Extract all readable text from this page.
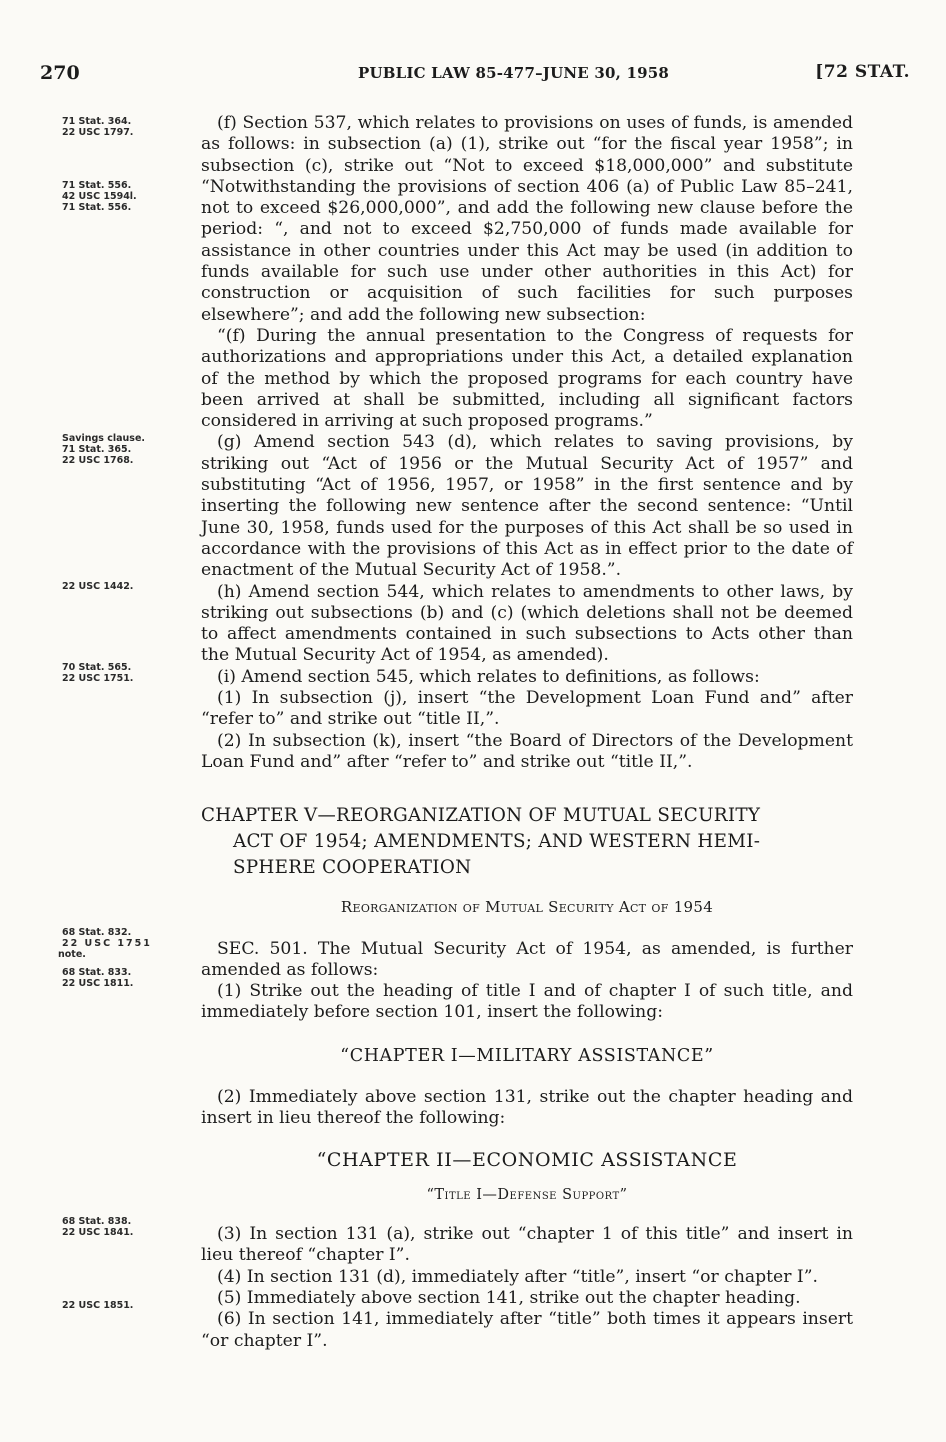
270	PUBLIC LAW 85-477–JUNE 30, 1958	[72 STAT.
71 Stat. 364.
22 USC 1797.
71 Stat. 556.
42 USC 1594l.
71 Stat. 556.
Savings clause.
71 Stat. 365.
22 USC 1768.
22 USC 1442.
70 Stat. 565.
22 USC 1751.
68 Stat. 832.
22 USC 1751
note.
68 Stat. 833.
22 USC 1811.
68 Stat. 838.
22 USC 1841.
22 USC 1851.

(f) Section 537, which relates to provisions on uses of funds, is amended as follows: in subsection (a) (1), strike out “for the fiscal year 1958”; in subsection (c), strike out “Not to exceed $18,000,000” and substitute “Notwithstanding the provisions of section 406 (a) of Public Law 85–241, not to exceed $26,000,000”, and add the following new clause before the period: “, and not to exceed $2,750,000 of funds made available for assistance in other countries under this Act may be used (in addition to funds available for such use under other authorities in this Act) for construction or acquisition of such facilities for such purposes elsewhere”; and add the following new subsection:

“(f) During the annual presentation to the Congress of requests for authorizations and appropriations under this Act, a detailed explanation of the method by which the proposed programs for each country have been arrived at shall be submitted, including all significant factors considered in arriving at such proposed programs.”

(g) Amend section 543 (d), which relates to saving provisions, by striking out “Act of 1956 or the Mutual Security Act of 1957” and substituting “Act of 1956, 1957, or 1958” in the first sentence and by inserting the following new sentence after the second sentence: “Until June 30, 1958, funds used for the purposes of this Act shall be so used in accordance with the provisions of this Act as in effect prior to the date of enactment of the Mutual Security Act of 1958.”.

(h) Amend section 544, which relates to amendments to other laws, by striking out subsections (b) and (c) (which deletions shall not be deemed to affect amendments contained in such subsections to Acts other than the Mutual Security Act of 1954, as amended).

(i) Amend section 545, which relates to definitions, as follows:

(1) In subsection (j), insert “the Development Loan Fund and” after “refer to” and strike out “title II,”.

(2) In subsection (k), insert “the Board of Directors of the Development Loan Fund and” after “refer to” and strike out “title II,”.

CHAPTER V—REORGANIZATION OF MUTUAL SECURITY
ACT OF 1954; AMENDMENTS; AND WESTERN HEMI-
SPHERE COOPERATION
Reorganization of Mutual Security Act of 1954

SEC. 501. The Mutual Security Act of 1954, as amended, is further amended as follows:

(1) Strike out the heading of title I and of chapter I of such title, and immediately before section 101, insert the following:

“CHAPTER I—MILITARY ASSISTANCE”

(2) Immediately above section 131, strike out the chapter heading and insert in lieu thereof the following:

“CHAPTER II—ECONOMIC ASSISTANCE
“Title I—Defense Support”

(3) In section 131 (a), strike out “chapter 1 of this title” and insert in lieu thereof “chapter I”.

(4) In section 131 (d), immediately after “title”, insert “or chapter I”.

(5) Immediately above section 141, strike out the chapter heading.

(6) In section 141, immediately after “title” both times it appears insert “or chapter I”.
